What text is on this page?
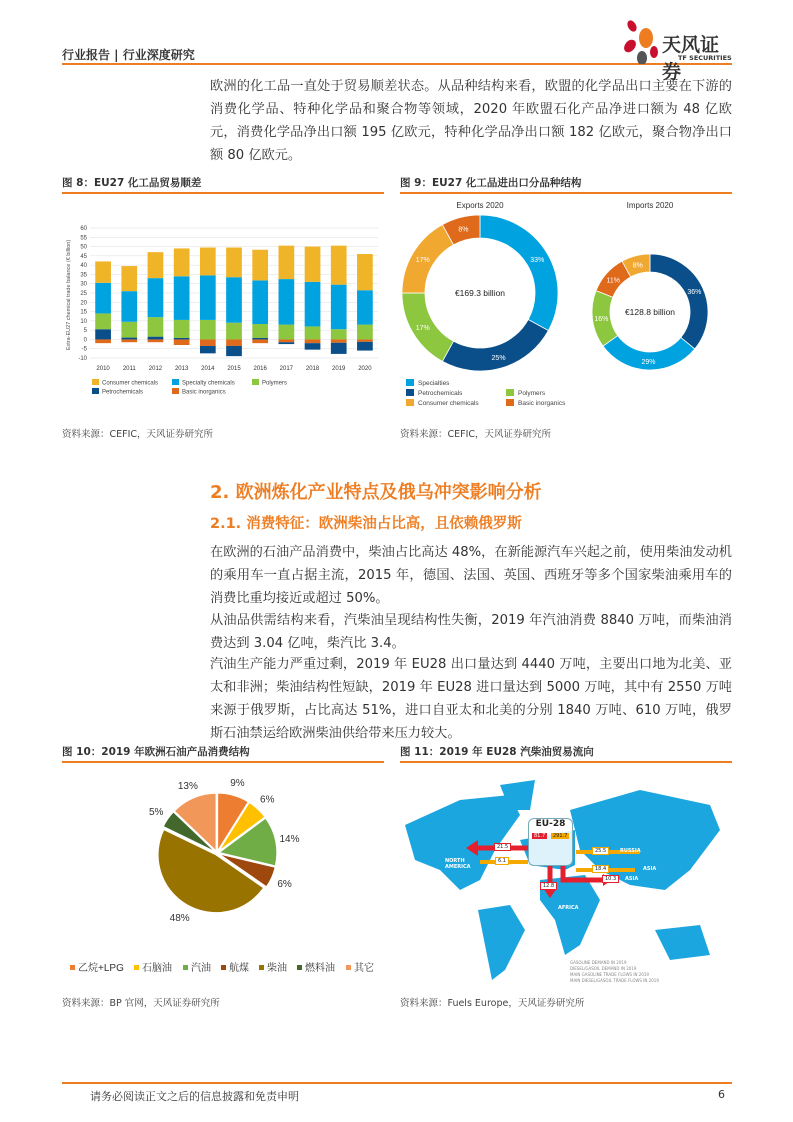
行业报告 | 行业深度研究	天风证券
TF SECURITIES
欧洲的化工品一直处于贸易顺差状态。从品种结构来看，欧盟的化学品出口主要在下游的消费化学品、特种化学品和聚合物等领域，2020 年欧盟石化产品净进口额为 48 亿欧元，消费化学品净出口额 195 亿欧元，特种化学品净出口额 182 亿欧元，聚合物净出口额 80 亿欧元。
图 8：EU27 化工品贸易顺差
Extra-EU27 chemical trade balance (€ billion)
-10
-5
0
5
10
15
20
25
30
35
40
45
50
55
60
2010 2011 2012 2013 2014 2015 2016 2017 2018 2019 2020
Consumer chemicals	Specialty chemicals	Polymers
Petrochemicals	Basic inorganics
资料来源：CEFIC，天风证券研究所
图 9：EU27 化工品进出口分品种结构
Exports 2020
33%
25%
17%
17%
8%
€169.3 billion
Imports 2020
36%
29%
16%
11%
8%
€128.8 billion
Specialties
Petrochemicals
Consumer chemicals
Polymers
Basic inorganics
资料来源：CEFIC，天风证券研究所
2. 欧洲炼化产业特点及俄乌冲突影响分析
2.1. 消费特征：欧洲柴油占比高，且依赖俄罗斯
在欧洲的石油产品消费中，柴油占比高达 48%，在新能源汽车兴起之前，使用柴油发动机的乘用车一直占据主流，2015 年，德国、法国、英国、西班牙等多个国家柴油乘用车的消费比重均接近或超过 50%。
从油品供需结构来看，汽柴油呈现结构性失衡，2019 年汽油消费 8840 万吨，而柴油消费达到 3.04 亿吨，柴汽比 3.4。
汽油生产能力严重过剩，2019 年 EU28 出口量达到 4440 万吨，主要出口地为北美、亚太和非洲；柴油结构性短缺，2019 年 EU28 进口量达到 5000 万吨，其中有 2550 万吨来源于俄罗斯，占比高达 51%，进口自亚太和北美的分别 1840 万吨、610 万吨，俄罗斯石油禁运给欧洲柴油供给带来压力较大。
图 10：2019 年欧洲石油产品消费结构
9%
6%
14%
6%
48%
5%
13%
乙烷+LPG 石脑油 汽油 航煤 柴油 燃料油 其它
资料来源：BP 官网，天风证券研究所
图 11：2019 年 EU28 汽柴油贸易流向
EU-28
81.7	291.7
21.5
6.1
25.5
18.4
10.3
12.8
NORTH AMERICA
RUSSIA
ASIA
ASIA
AFRICA
GASOLINE DEMAND IN 2019
DIESEL/GASOIL DEMAND IN 2019
MAIN GASOLINE TRADE FLOWS IN 2019
MAIN DIESEL/GASOIL TRADE FLOWS IN 2019
资料来源：Fuels Europe，天风证券研究所
请务必阅读正文之后的信息披露和免责申明	6
